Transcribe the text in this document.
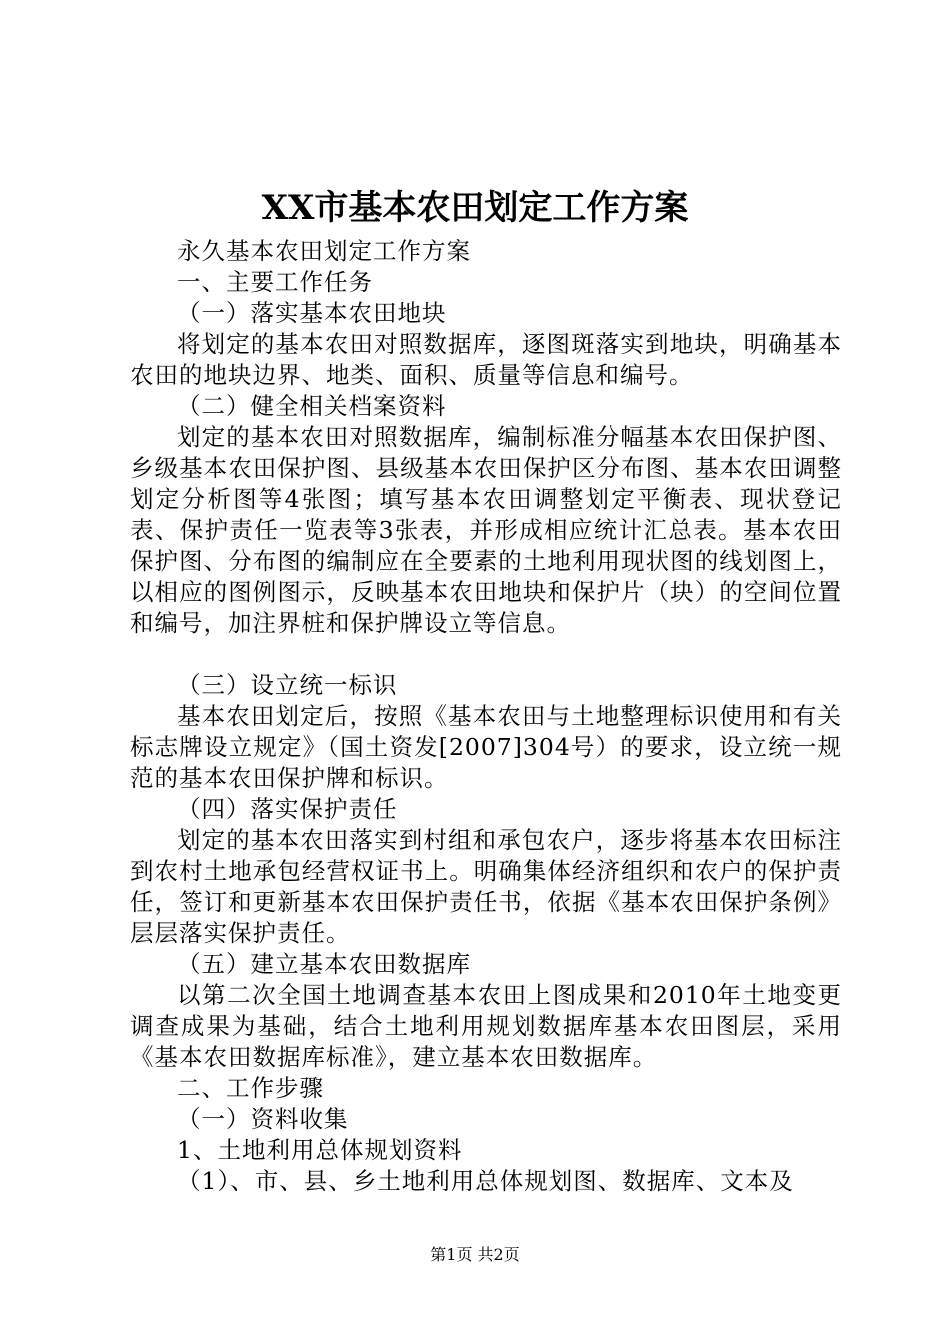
XX市基本农田划定工作方案

永久基本农田划定工作方案

一、主要工作任务

（一）落实基本农田地块

将划定的基本农田对照数据库，逐图斑落实到地块，明确基本农田的地块边界、地类、面积、质量等信息和编号。

（二）健全相关档案资料

划定的基本农田对照数据库，编制标准分幅基本农田保护图、乡级基本农田保护图、县级基本农田保护区分布图、基本农田调整划定分析图等4张图；填写基本农田调整划定平衡表、现状登记表、保护责任一览表等3张表，并形成相应统计汇总表。基本农田保护图、分布图的编制应在全要素的土地利用现状图的线划图上，以相应的图例图示，反映基本农田地块和保护片（块）的空间位置和编号，加注界桩和保护牌设立等信息。

（三）设立统一标识

基本农田划定后，按照《基本农田与土地整理标识使用和有关标志牌设立规定》（国土资发[2007]304号）的要求，设立统一规范的基本农田保护牌和标识。

（四）落实保护责任

划定的基本农田落实到村组和承包农户，逐步将基本农田标注到农村土地承包经营权证书上。明确集体经济组织和农户的保护责任，签订和更新基本农田保护责任书，依据《基本农田保护条例》层层落实保护责任。

（五）建立基本农田数据库

以第二次全国土地调查基本农田上图成果和2010年土地变更调查成果为基础，结合土地利用规划数据库基本农田图层，采用《基本农田数据库标准》，建立基本农田数据库。

二、工作步骤

（一）资料收集

1、土地利用总体规划资料

（1）、市、县、乡土地利用总体规划图、数据库、文本及

第1页 共2页
